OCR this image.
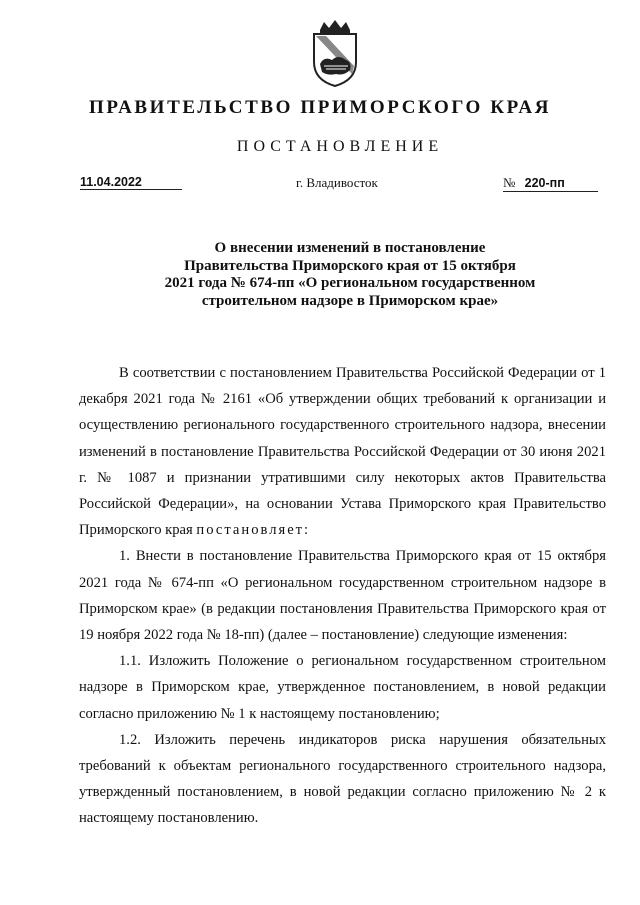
ПРАВИТЕЛЬСТВО ПРИМОРСКОГО КРАЯ
ПОСТАНОВЛЕНИЕ
11.04.2022	г. Владивосток	№ 220-пп
О внесении изменений в постановление
Правительства Приморского края от 15 октября
2021 года № 674-пп «О региональном государственном
строительном надзоре в Приморском крае»

В соответствии с постановлением Правительства Российской Федерации от 1 декабря 2021 года № 2161 «Об утверждении общих требований к организации и осуществлению регионального государственного строительного надзора, внесении изменений в постановление Правительства Российской Федерации от 30 июня 2021 г. № 1087 и признании утратившими силу некоторых актов Правительства Российской Федерации», на основании Устава Приморского края Правительство Приморского края постановляет:

1. Внести в постановление Правительства Приморского края от 15 октября 2021 года № 674-пп «О региональном государственном строительном надзоре в Приморском крае» (в редакции постановления Правительства Приморского края от 19 ноября 2022 года № 18-пп) (далее – постановление) следующие изменения:

1.1. Изложить Положение о региональном государственном строительном надзоре в Приморском крае, утвержденное постановлением, в новой редакции согласно приложению № 1 к настоящему постановлению;

1.2. Изложить перечень индикаторов риска нарушения обязательных требований к объектам регионального государственного строительного надзора, утвержденный постановлением, в новой редакции согласно приложению № 2 к настоящему постановлению.
